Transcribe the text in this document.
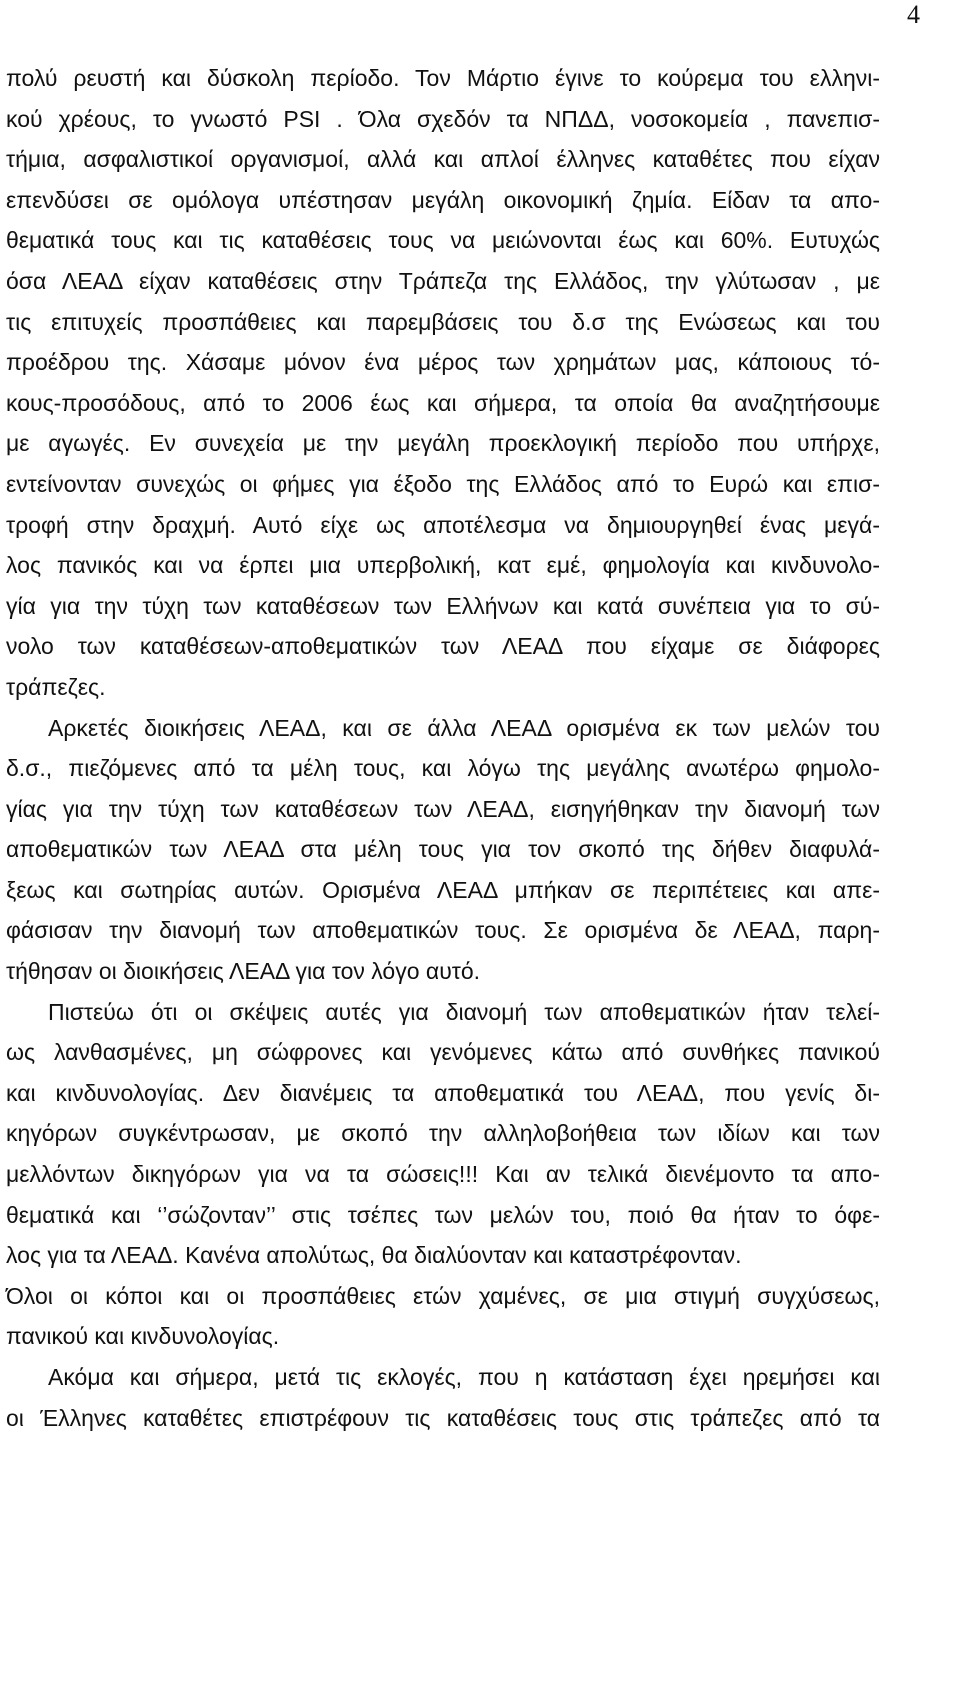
4
πολύ ρευστή και δύσκολη περίοδο. Τον Μάρτιο έγινε το κούρεμα του ελληνι-
κού χρέους, το γνωστό PSI . Όλα σχεδόν τα ΝΠΔΔ, νοσοκομεία , πανεπισ-
τήμια, ασφαλιστικοί οργανισμοί, αλλά και απλοί έλληνες καταθέτες που είχαν
επενδύσει σε ομόλογα υπέστησαν μεγάλη οικονομική ζημία. Είδαν τα απο-
θεματικά τους και τις καταθέσεις τους να μειώνονται έως και 60%. Ευτυχώς
όσα ΛΕΑΔ είχαν καταθέσεις στην Τράπεζα της Ελλάδος, την γλύτωσαν , με
τις επιτυχείς προσπάθειες και παρεμβάσεις του δ.σ της Ενώσεως και του
προέδρου της. Χάσαμε μόνον ένα μέρος των χρημάτων μας, κάποιους τό-
κους-προσόδους, από το 2006 έως και σήμερα, τα οποία θα αναζητήσουμε
με αγωγές. Εν συνεχεία με την μεγάλη προεκλογική περίοδο που υπήρχε,
εντείνονταν συνεχώς οι φήμες για έξοδο της Ελλάδος από το Ευρώ και επισ-
τροφή στην δραχμή. Αυτό είχε ως αποτέλεσμα να δημιουργηθεί ένας μεγά-
λος πανικός και να έρπει μια υπερβολική, κατ εμέ, φημολογία και κινδυνολο-
γία για την τύχη των καταθέσεων των Ελλήνων και κατά συνέπεια για το σύ-
νολο των καταθέσεων-αποθεματικών των ΛΕΑΔ που είχαμε σε διάφορες
τράπεζες.
Αρκετές διοικήσεις ΛΕΑΔ, και σε άλλα ΛΕΑΔ ορισμένα εκ των μελών του
δ.σ., πιεζόμενες από τα μέλη τους, και λόγω της μεγάλης ανωτέρω φημολο-
γίας για την τύχη των καταθέσεων των ΛΕΑΔ, εισηγήθηκαν την διανομή των
αποθεματικών των ΛΕΑΔ στα μέλη τους για τον σκοπό της δήθεν διαφυλά-
ξεως και σωτηρίας αυτών. Ορισμένα ΛΕΑΔ μπήκαν σε περιπέτειες και απε-
φάσισαν την διανομή των αποθεματικών τους. Σε ορισμένα δε ΛΕΑΔ, παρη-
τήθησαν οι διοικήσεις ΛΕΑΔ για τον λόγο αυτό.
Πιστεύω ότι οι σκέψεις αυτές για διανομή των αποθεματικών ήταν τελεί-
ως λανθασμένες, μη σώφρονες και γενόμενες κάτω από συνθήκες πανικού
και κινδυνολογίας. Δεν διανέμεις τα αποθεματικά του ΛΕΑΔ, που γενίς δι-
κηγόρων συγκέντρωσαν, με σκοπό την αλληλοβοήθεια των ιδίων και των
μελλόντων δικηγόρων για να τα σώσεις!!! Και αν τελικά διενέμοντο τα απο-
θεματικά και ‘’σώζονταν’’ στις τσέπες των μελών του, ποιό θα ήταν το όφε-
λος για τα ΛΕΑΔ. Κανένα απολύτως, θα διαλύονταν και καταστρέφονταν.
Όλοι οι κόποι και οι προσπάθειες ετών χαμένες, σε μια στιγμή συγχύσεως,
πανικού και κινδυνολογίας.
Ακόμα και σήμερα, μετά τις εκλογές, που η κατάσταση έχει ηρεμήσει και
οι Έλληνες καταθέτες επιστρέφουν τις καταθέσεις τους στις τράπεζες από τα
